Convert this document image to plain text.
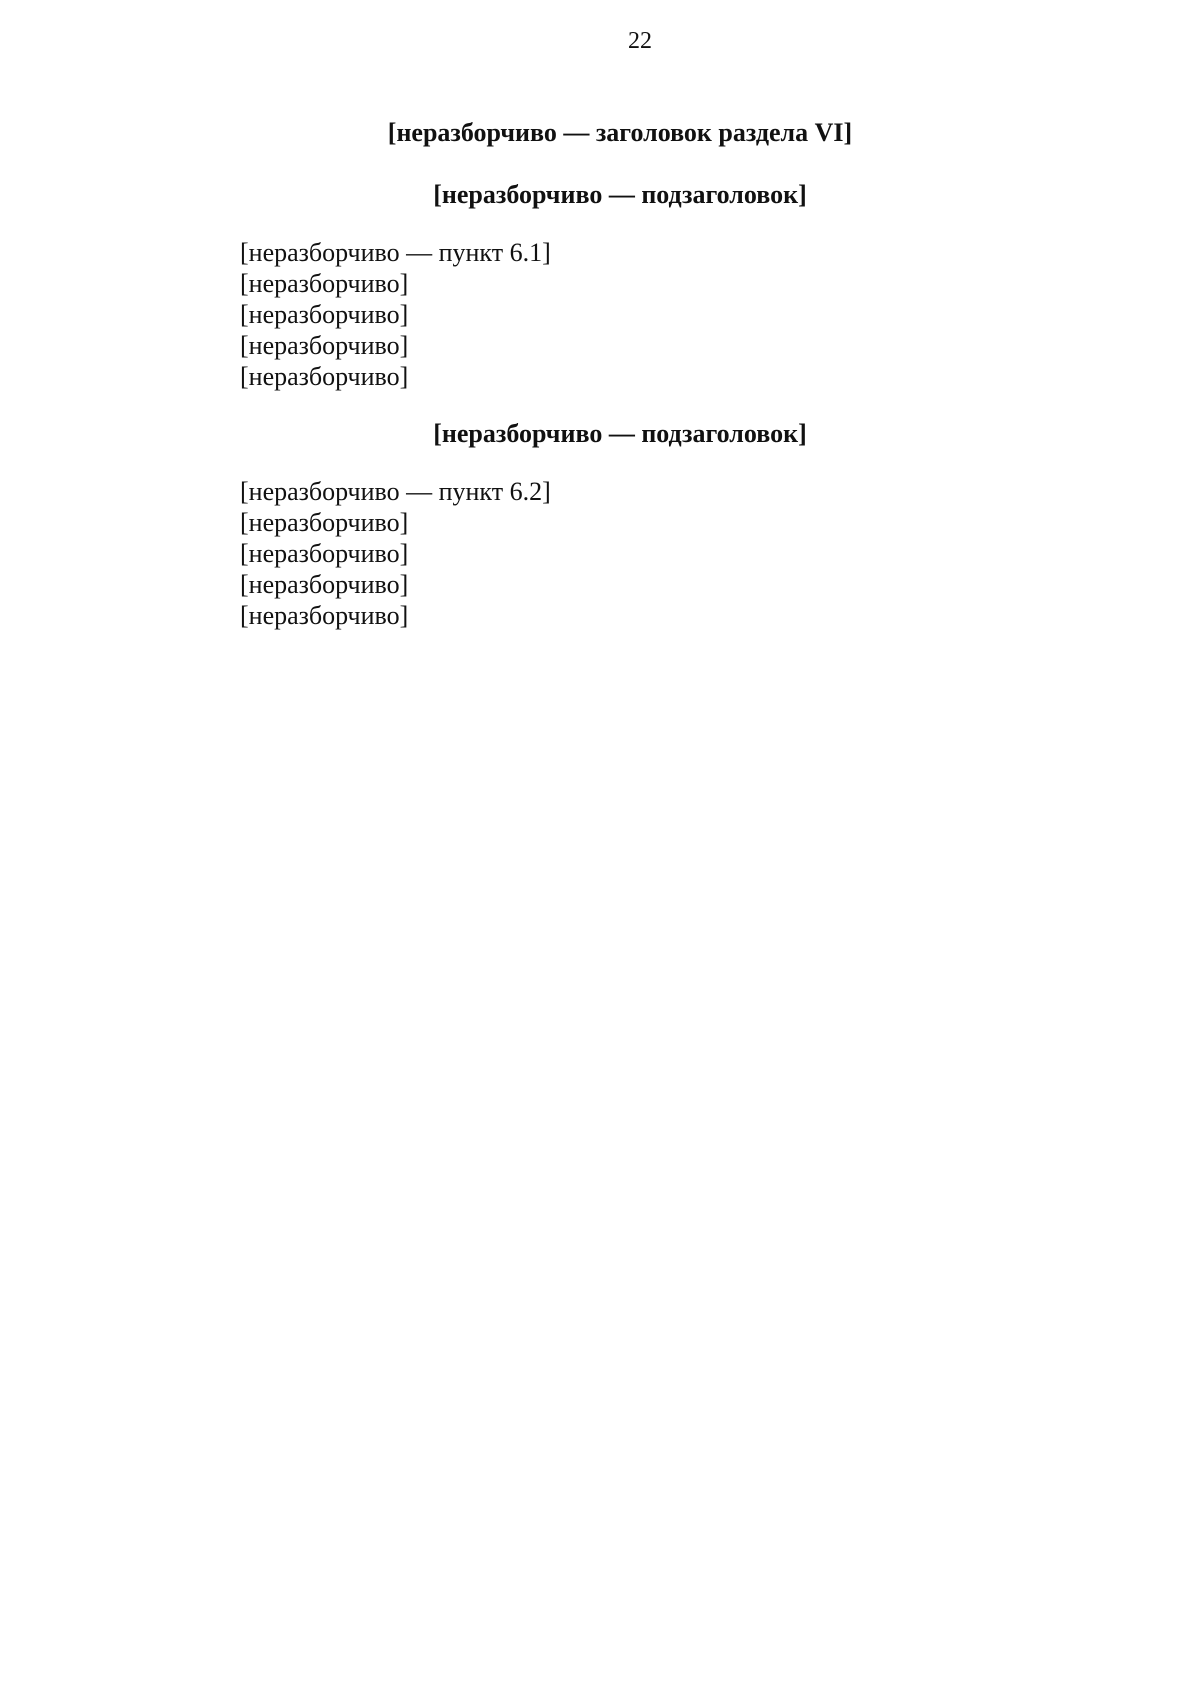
22
[неразборчиво — заголовок раздела VI]
[неразборчиво — подзаголовок]

[неразборчиво — пункт 6.1]

[неразборчиво]

[неразборчиво]

[неразборчиво]

[неразборчиво]

[неразборчиво — подзаголовок]

[неразборчиво — пункт 6.2]

[неразборчиво]

[неразборчиво]

[неразборчиво]

[неразборчиво]
